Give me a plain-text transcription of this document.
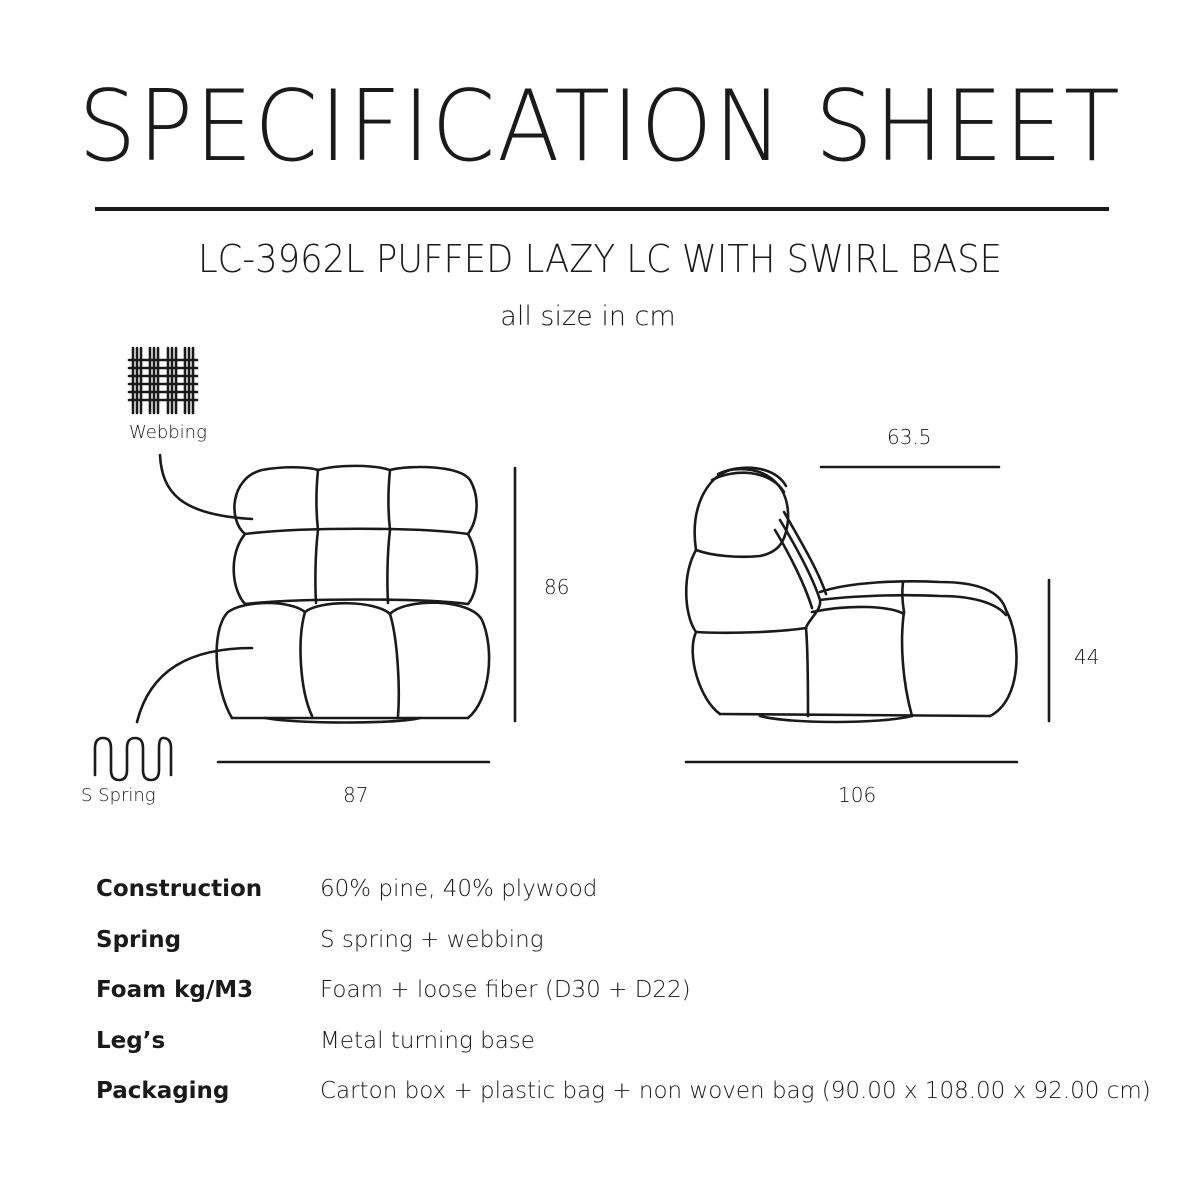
SPECIFICATION SHEET
LC-3962L PUFFED LAZY LC WITH SWIRL BASE
all size in cm
Webbing
S Spring
86
87
63.5
44
106
Construction	60% pine, 40% plywood
Spring	S spring + webbing
Foam kg/M3	Foam + loose fiber (D30 + D22)
Leg’s	Metal turning base
Packaging	Carton box + plastic bag + non woven bag (90.00 x 108.00 x 92.00 cm)
